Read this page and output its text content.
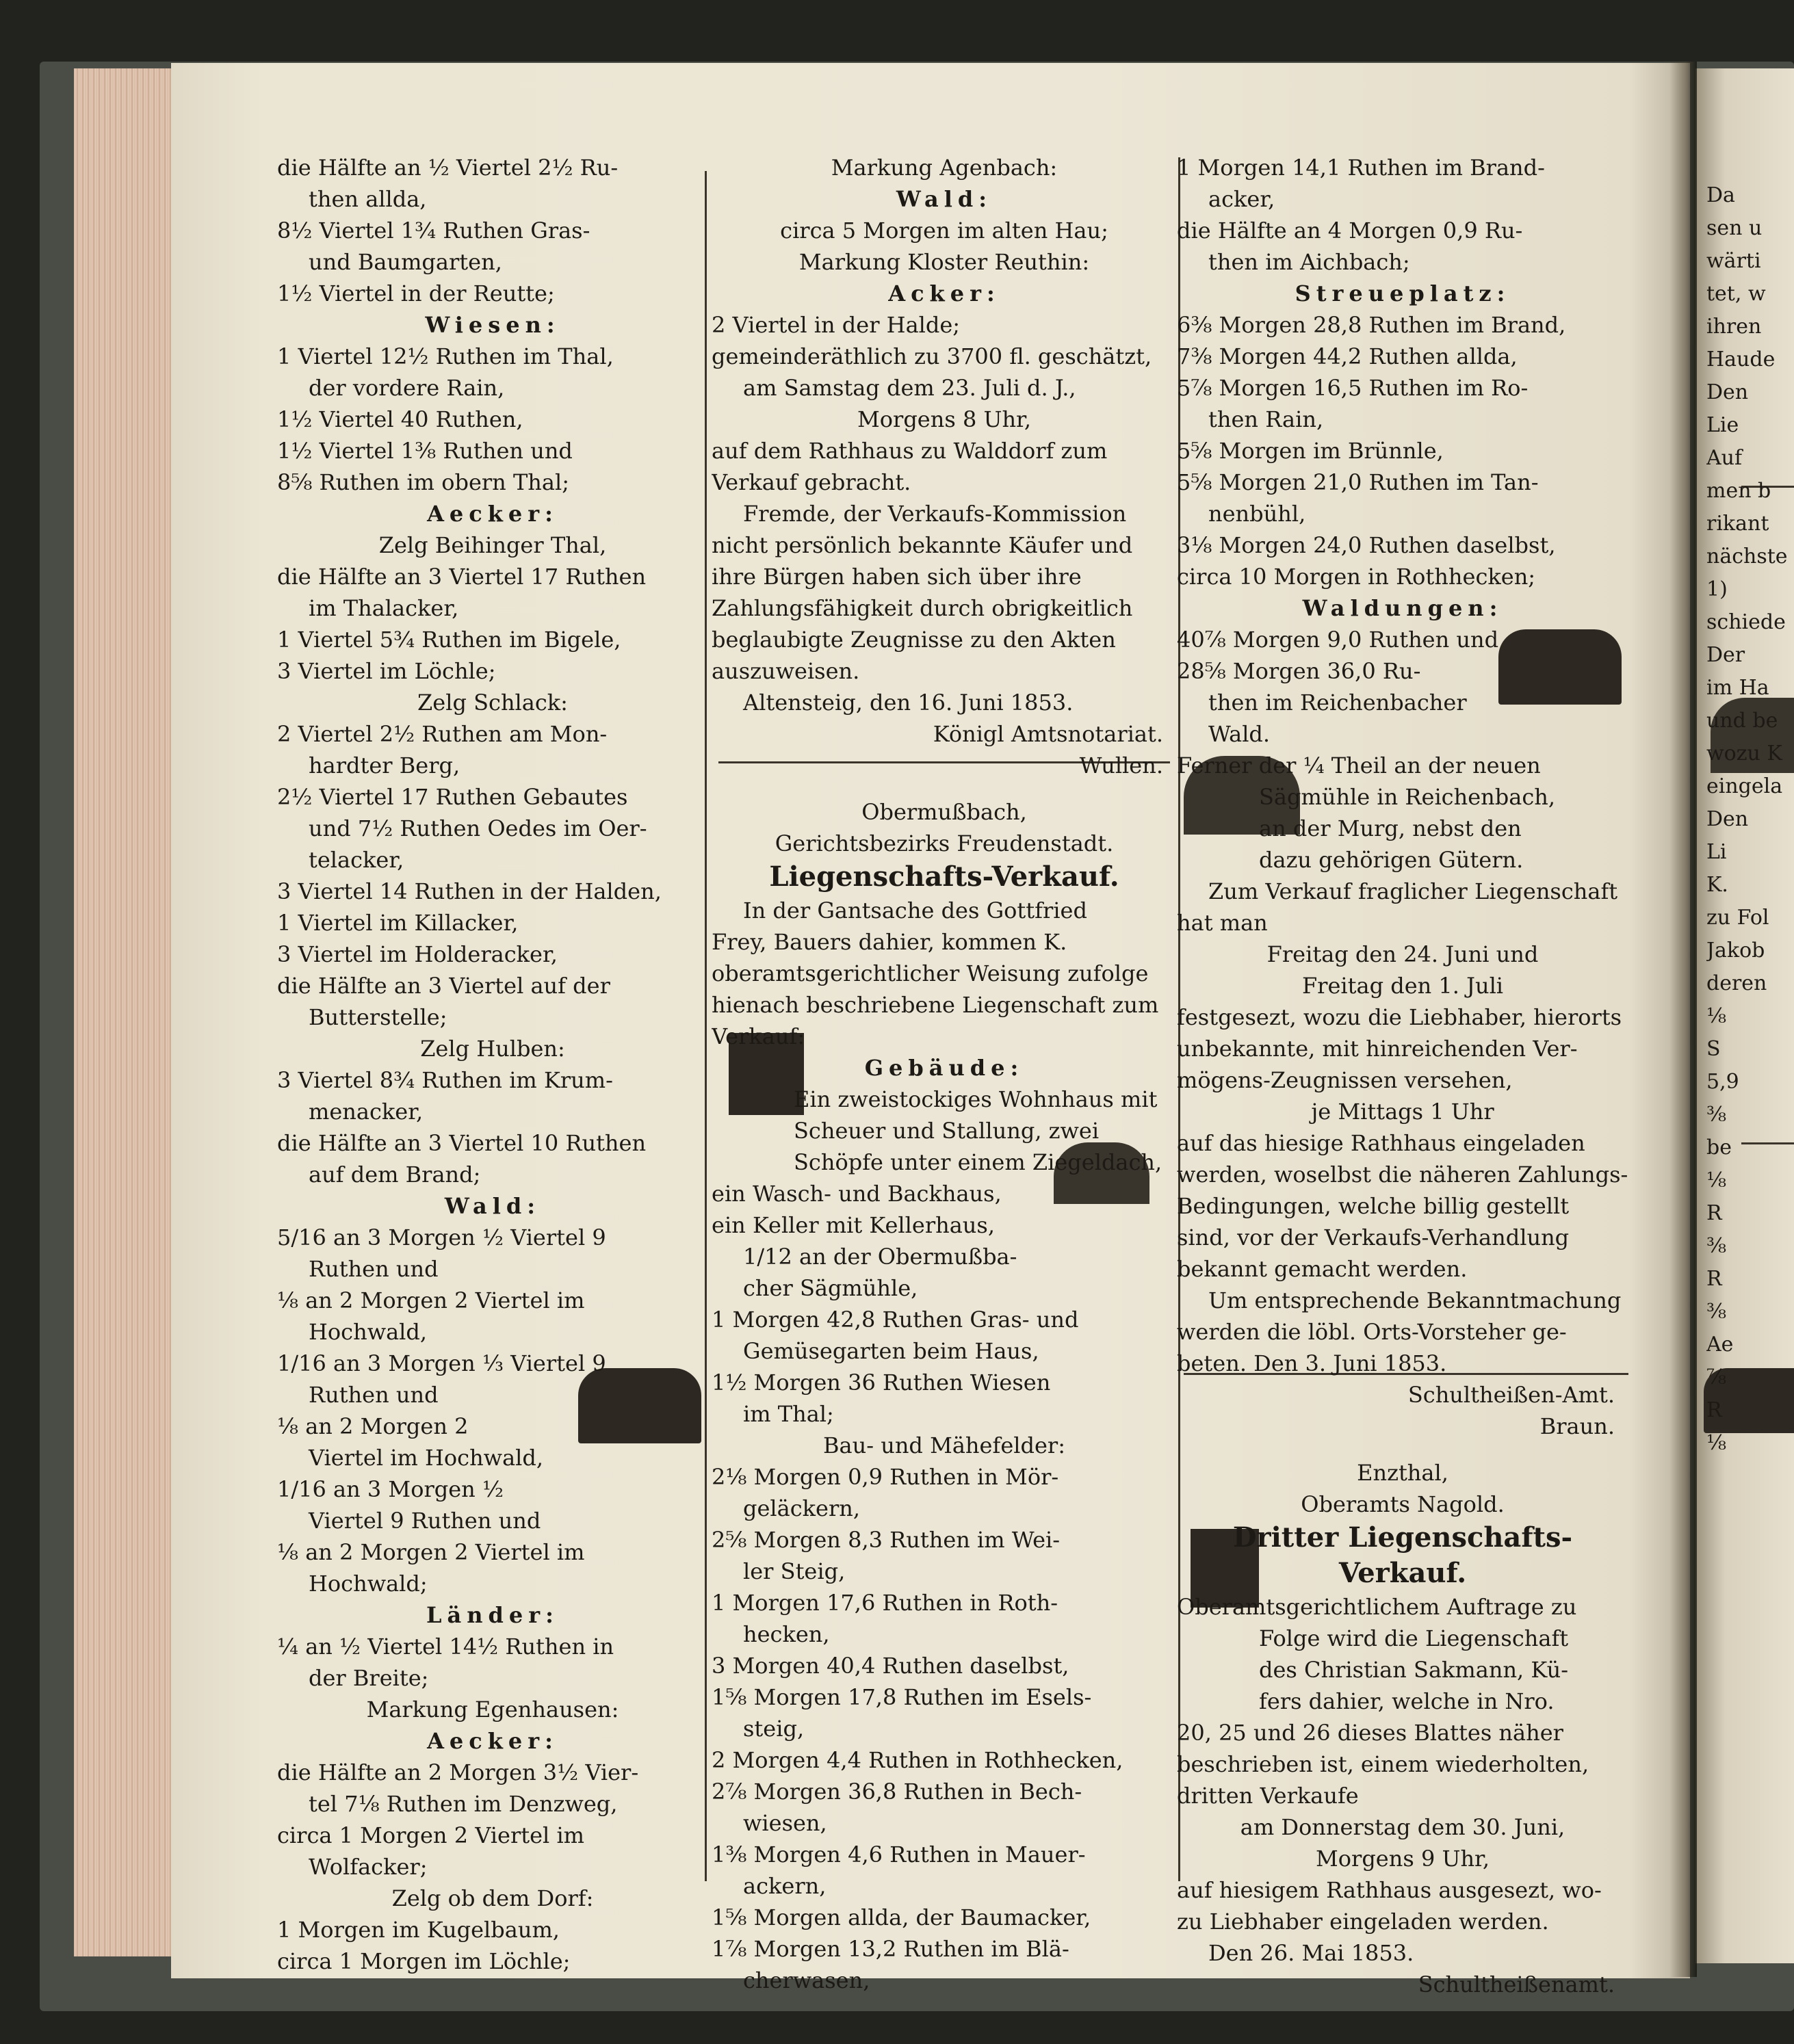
die Hälfte an ½ Viertel 2½ Ru-
then allda,
8½ Viertel 1¾ Ruthen Gras-
und Baumgarten,
1½ Viertel in der Reutte;
Wiesen:
1 Viertel 12½ Ruthen im Thal,
der vordere Rain,
1½ Viertel 40 Ruthen,
1½ Viertel 1⅜ Ruthen und
8⅝ Ruthen im obern Thal;
Aecker:
Zelg Beihinger Thal,
die Hälfte an 3 Viertel 17 Ruthen
im Thalacker,
1 Viertel 5¾ Ruthen im Bigele,
3 Viertel im Löchle;
Zelg Schlack:
2 Viertel 2½ Ruthen am Mon-
hardter Berg,
2½ Viertel 17 Ruthen Gebautes
und 7½ Ruthen Oedes im Oer-
telacker,
3 Viertel 14 Ruthen in der Halden,
1 Viertel im Killacker,
3 Viertel im Holderacker,
die Hälfte an 3 Viertel auf der
Butterstelle;
Zelg Hulben:
3 Viertel 8¾ Ruthen im Krum-
menacker,
die Hälfte an 3 Viertel 10 Ruthen
auf dem Brand;
Wald:
5/16 an 3 Morgen ½ Viertel 9
Ruthen und
⅛ an 2 Morgen 2 Viertel im
Hochwald,
1/16 an 3 Morgen ⅓ Viertel 9
Ruthen und
⅛ an 2 Morgen 2
Viertel im Hochwald,
1/16 an 3 Morgen ½
Viertel 9 Ruthen und
⅛ an 2 Morgen 2 Viertel im
Hochwald;
Länder:
¼ an ½ Viertel 14½ Ruthen in
der Breite;
Markung Egenhausen:
Aecker:
die Hälfte an 2 Morgen 3½ Vier-
tel 7⅛ Ruthen im Denzweg,
circa 1 Morgen 2 Viertel im
Wolfacker;
Zelg ob dem Dorf:
1 Morgen im Kugelbaum,
circa 1 Morgen im Löchle;
Markung Agenbach:
Wald:
circa 5 Morgen im alten Hau;
Markung Kloster Reuthin:
Acker:
2 Viertel in der Halde;
gemeinderäthlich zu 3700 fl. geschätzt,
am Samstag dem 23. Juli d. J.,
Morgens 8 Uhr,
auf dem Rathhaus zu Walddorf zum
Verkauf gebracht.
Fremde, der Verkaufs-Kommission
nicht persönlich bekannte Käufer und
ihre Bürgen haben sich über ihre
Zahlungsfähigkeit durch obrigkeitlich
beglaubigte Zeugnisse zu den Akten
auszuweisen.
Altensteig, den 16. Juni 1853.
Königl Amtsnotariat.
Wullen.
Obermußbach,
Gerichtsbezirks Freudenstadt.
Liegenschafts-Verkauf.
In der Gantsache des Gottfried
Frey, Bauers dahier, kommen K.
oberamtsgerichtlicher Weisung zufolge
hienach beschriebene Liegenschaft zum
Verkauf:
Gebäude:
Ein zweistockiges Wohnhaus mit
Scheuer und Stallung, zwei
Schöpfe unter einem Ziegeldach,
ein Wasch- und Backhaus,
ein Keller mit Kellerhaus,
1/12 an der Obermußba-
cher Sägmühle,
1 Morgen 42,8 Ruthen Gras- und
Gemüsegarten beim Haus,
1½ Morgen 36 Ruthen Wiesen
im Thal;
Bau- und Mähefelder:
2⅛ Morgen 0,9 Ruthen in Mör-
geläckern,
2⅝ Morgen 8,3 Ruthen im Wei-
ler Steig,
1 Morgen 17,6 Ruthen in Roth-
hecken,
3 Morgen 40,4 Ruthen daselbst,
1⅝ Morgen 17,8 Ruthen im Esels-
steig,
2 Morgen 4,4 Ruthen in Rothhecken,
2⅞ Morgen 36,8 Ruthen in Bech-
wiesen,
1⅜ Morgen 4,6 Ruthen in Mauer-
ackern,
1⅝ Morgen allda, der Baumacker,
1⅞ Morgen 13,2 Ruthen im Blä-
cherwasen,
1 Morgen 14,1 Ruthen im Brand-
acker,
die Hälfte an 4 Morgen 0,9 Ru-
then im Aichbach;
Streueplatz:
6⅜ Morgen 28,8 Ruthen im Brand,
7⅜ Morgen 44,2 Ruthen allda,
5⅞ Morgen 16,5 Ruthen im Ro-
then Rain,
5⅝ Morgen im Brünnle,
5⅝ Morgen 21,0 Ruthen im Tan-
nenbühl,
3⅛ Morgen 24,0 Ruthen daselbst,
circa 10 Morgen in Rothhecken;
Waldungen:
40⅞ Morgen 9,0 Ruthen und
28⅝ Morgen 36,0 Ru-
then im Reichenbacher
Wald.
Ferner der ¼ Theil an der neuen
Sägmühle in Reichenbach,
an der Murg, nebst den
dazu gehörigen Gütern.
Zum Verkauf fraglicher Liegenschaft
hat man
Freitag den 24. Juni und
Freitag den 1. Juli
festgesezt, wozu die Liebhaber, hierorts
unbekannte, mit hinreichenden Ver-
mögens-Zeugnissen versehen,
je Mittags 1 Uhr
auf das hiesige Rathhaus eingeladen
werden, woselbst die näheren Zahlungs-
Bedingungen, welche billig gestellt
sind, vor der Verkaufs-Verhandlung
bekannt gemacht werden.
Um entsprechende Bekanntmachung
werden die löbl. Orts-Vorsteher ge-
beten. Den 3. Juni 1853.
Schultheißen-Amt.
Braun.
Enzthal,
Oberamts Nagold.
Dritter Liegenschafts-
Verkauf.
Oberamtsgerichtlichem Auftrage zu
Folge wird die Liegenschaft
des Christian Sakmann, Kü-
fers dahier, welche in Nro.
20, 25 und 26 dieses Blattes näher
beschrieben ist, einem wiederholten,
dritten Verkaufe
am Donnerstag dem 30. Juni,
Morgens 9 Uhr,
auf hiesigem Rathhaus ausgesezt, wo-
zu Liebhaber eingeladen werden.
Den 26. Mai 1853.
Schultheißenamt.
Da
sen u
wärti
tet, w
ihren
Haude
Den
Lie
Auf
men b
rikant
nächste
1)
schiede
Der
im Ha
und be
wozu K
eingela
Den
Li
K.
zu Fol
Jakob
deren
⅛
S
5,9
⅜
be
⅛
R
⅜
R
⅜
Ae
⅞
R
⅛
